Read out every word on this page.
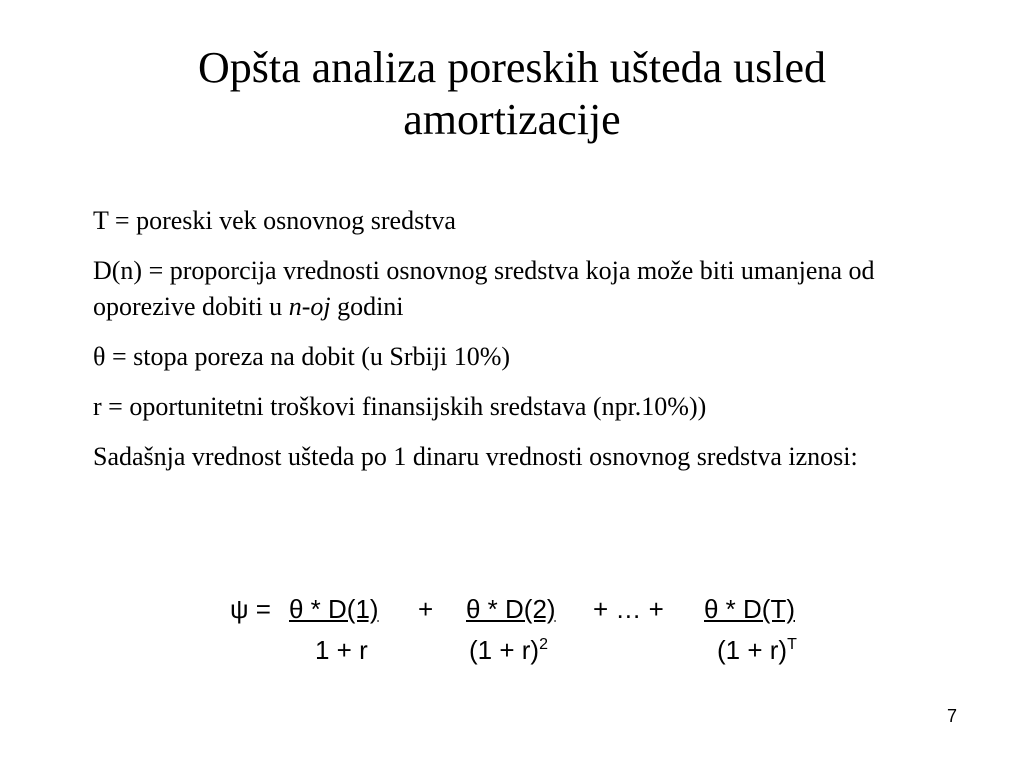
Opšta analiza poreskih ušteda usled
amortizacije

T = poreski vek osnovnog sredstva

D(n) = proporcija vrednosti osnovnog sredstva koja može biti umanjena od oporezive dobiti u n-oj godini

θ = stopa poreza na dobit (u Srbiji 10%)

r = oportunitetni troškovi finansijskih sredstava (npr.10%))

Sadašnja vrednost ušteda po 1 dinaru vrednosti osnovnog sredstva iznosi:

ψ = θ * D(1) + θ * D(2) + … + θ * D(T)
1 + r	$(1 + r)^2$	$(1 + r)^T$
7
